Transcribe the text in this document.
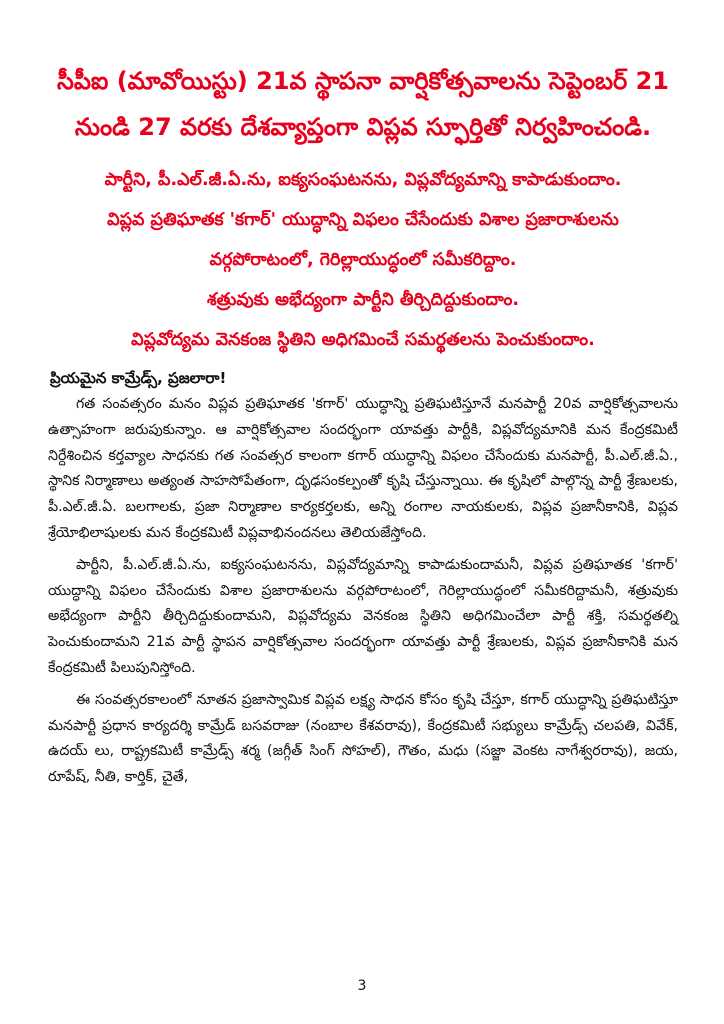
సీపీఐ (మావోయిస్టు) 21వ స్థాపనా వార్షికోత్సవాలను సెప్టెంబర్ 21 నుండి 27 వరకు దేశవ్యాప్తంగా విప్లవ స్ఫూర్తితో నిర్వహించండి.
పార్టీని, పీ.ఎల్.జీ.ఏ.ను, ఐక్యసంఘటనను, విప్లవోద్యమాన్ని కాపాడుకుందాం.
విప్లవ ప్రతిఘాతక 'కగార్' యుద్ధాన్ని విఫలం చేసేందుకు విశాల ప్రజారాశులను
వర్గపోరాటంలో, గెరిల్లాయుద్ధంలో సమీకరిద్దాం.
శత్రువుకు అభేద్యంగా పార్టీని తీర్చిదిద్దుకుందాం.
విప్లవోద్యమ వెనకంజ స్థితిని అధిగమించే సమర్థతలను పెంచుకుందాం.
ప్రియమైన కామ్రేడ్స్, ప్రజలారా!

గత సంవత్సరం మనం విప్లవ ప్రతిఘాతక 'కగార్' యుద్ధాన్ని ప్రతిఘటిస్తూనే మనపార్టీ 20వ వార్షికోత్సవాలను ఉత్సాహంగా జరుపుకున్నాం. ఆ వార్షికోత్సవాల సందర్భంగా యావత్తు పార్టీకి, విప్లవోద్యమానికి మన కేంద్రకమిటీ నిర్దేశించిన కర్తవ్యాల సాధనకు గత సంవత్సర కాలంగా కగార్ యుద్ధాన్ని విఫలం చేసేందుకు మనపార్టీ, పీ.ఎల్.జీ.ఏ., స్థానిక నిర్మాణాలు అత్యంత సాహసోపేతంగా, దృఢసంకల్పంతో కృషి చేస్తున్నాయి. ఈ కృషిలో పాల్గొన్న పార్టీ శ్రేణులకు, పీ.ఎల్.జీ.ఏ. బలగాలకు, ప్రజా నిర్మాణాల కార్యకర్తలకు, అన్ని రంగాల నాయకులకు, విప్లవ ప్రజానీకానికి, విప్లవ శ్రేయోభిలాషులకు మన కేంద్రకమిటీ విప్లవాభినందనలు తెలియజేస్తోంది.

పార్టీని, పీ.ఎల్.జీ.ఏ.ను, ఐక్యసంఘటనను, విప్లవోద్యమాన్ని కాపాడుకుందామనీ, విప్లవ ప్రతిఘాతక 'కగార్' యుద్ధాన్ని విఫలం చేసేందుకు విశాల ప్రజారాశులను వర్గపోరాటంలో, గెరిల్లాయుద్ధంలో సమీకరిద్దామనీ, శత్రువుకు అభేద్యంగా పార్టీని తీర్చిదిద్దుకుందామని, విప్లవోద్యమ వెనకంజ స్థితిని అధిగమించేలా పార్టీ శక్తి, సమర్థతల్ని పెంచుకుందామని 21వ పార్టీ స్థాపన వార్షికోత్సవాల సందర్భంగా యావత్తు పార్టీ శ్రేణులకు, విప్లవ ప్రజానీకానికి మన కేంద్రకమిటీ పిలుపునిస్తోంది.

ఈ సంవత్సరకాలంలో నూతన ప్రజాస్వామిక విప్లవ లక్ష్య సాధన కోసం కృషి చేస్తూ, కగార్ యుద్ధాన్ని ప్రతిఘటిస్తూ మనపార్టీ ప్రధాన కార్యదర్శి కామ్రేడ్ బసవరాజు (నంబాల కేశవరావు), కేంద్రకమిటీ సభ్యులు కామ్రేడ్స్ చలపతి, వివేక్, ఉదయ్ లు, రాష్ట్రకమిటీ కామ్రేడ్స్ శర్మ (జగ్గీత్ సింగ్ సోహల్), గౌతం, మధు (సజ్జా వెంకట నాగేశ్వరరావు), జయ, రూపేష్, నీతి, కార్తిక్, చైతే,

3
